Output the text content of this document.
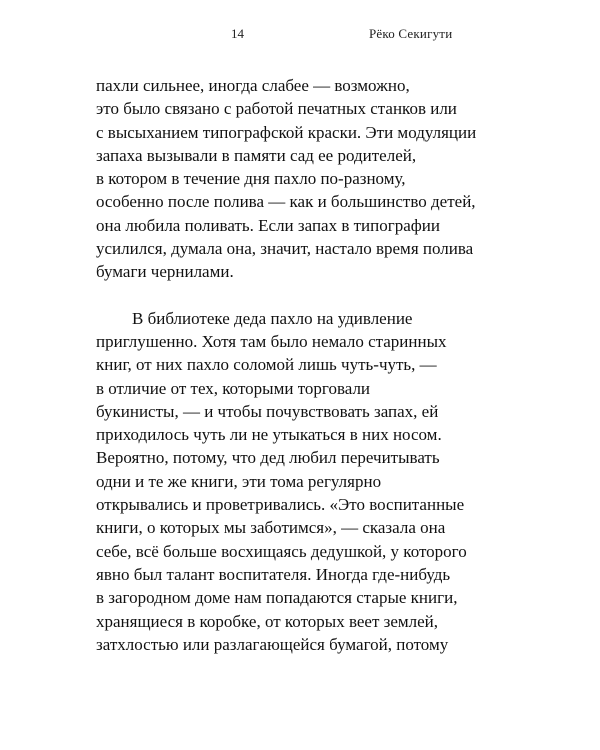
14	Рёко Секигути
пахли сильнее, иногда слабее — возможно,
это было связано с работой печатных станков или
с высыханием типографской краски. Эти модуляции
запаха вызывали в памяти сад ее родителей,
в котором в течение дня пахло по-разному,
особенно после полива — как и большинство детей,
она любила поливать. Если запах в типографии
усилился, думала она, значит, настало время полива
бумаги чернилами.
В библиотеке деда пахло на удивление
приглушенно. Хотя там было немало старинных
книг, от них пахло соломой лишь чуть-чуть, —
в отличие от тех, которыми торговали
букинисты, — и чтобы почувствовать запах, ей
приходилось чуть ли не утыкаться в них носом.
Вероятно, потому, что дед любил перечитывать
одни и те же книги, эти тома регулярно
открывались и проветривались. «Это воспитанные
книги, о которых мы заботимся», — сказала она
себе, всё больше восхищаясь дедушкой, у которого
явно был талант воспитателя. Иногда где-нибудь
в загородном доме нам попадаются старые книги,
хранящиеся в коробке, от которых веет землей,
затхлостью или разлагающейся бумагой, потому
